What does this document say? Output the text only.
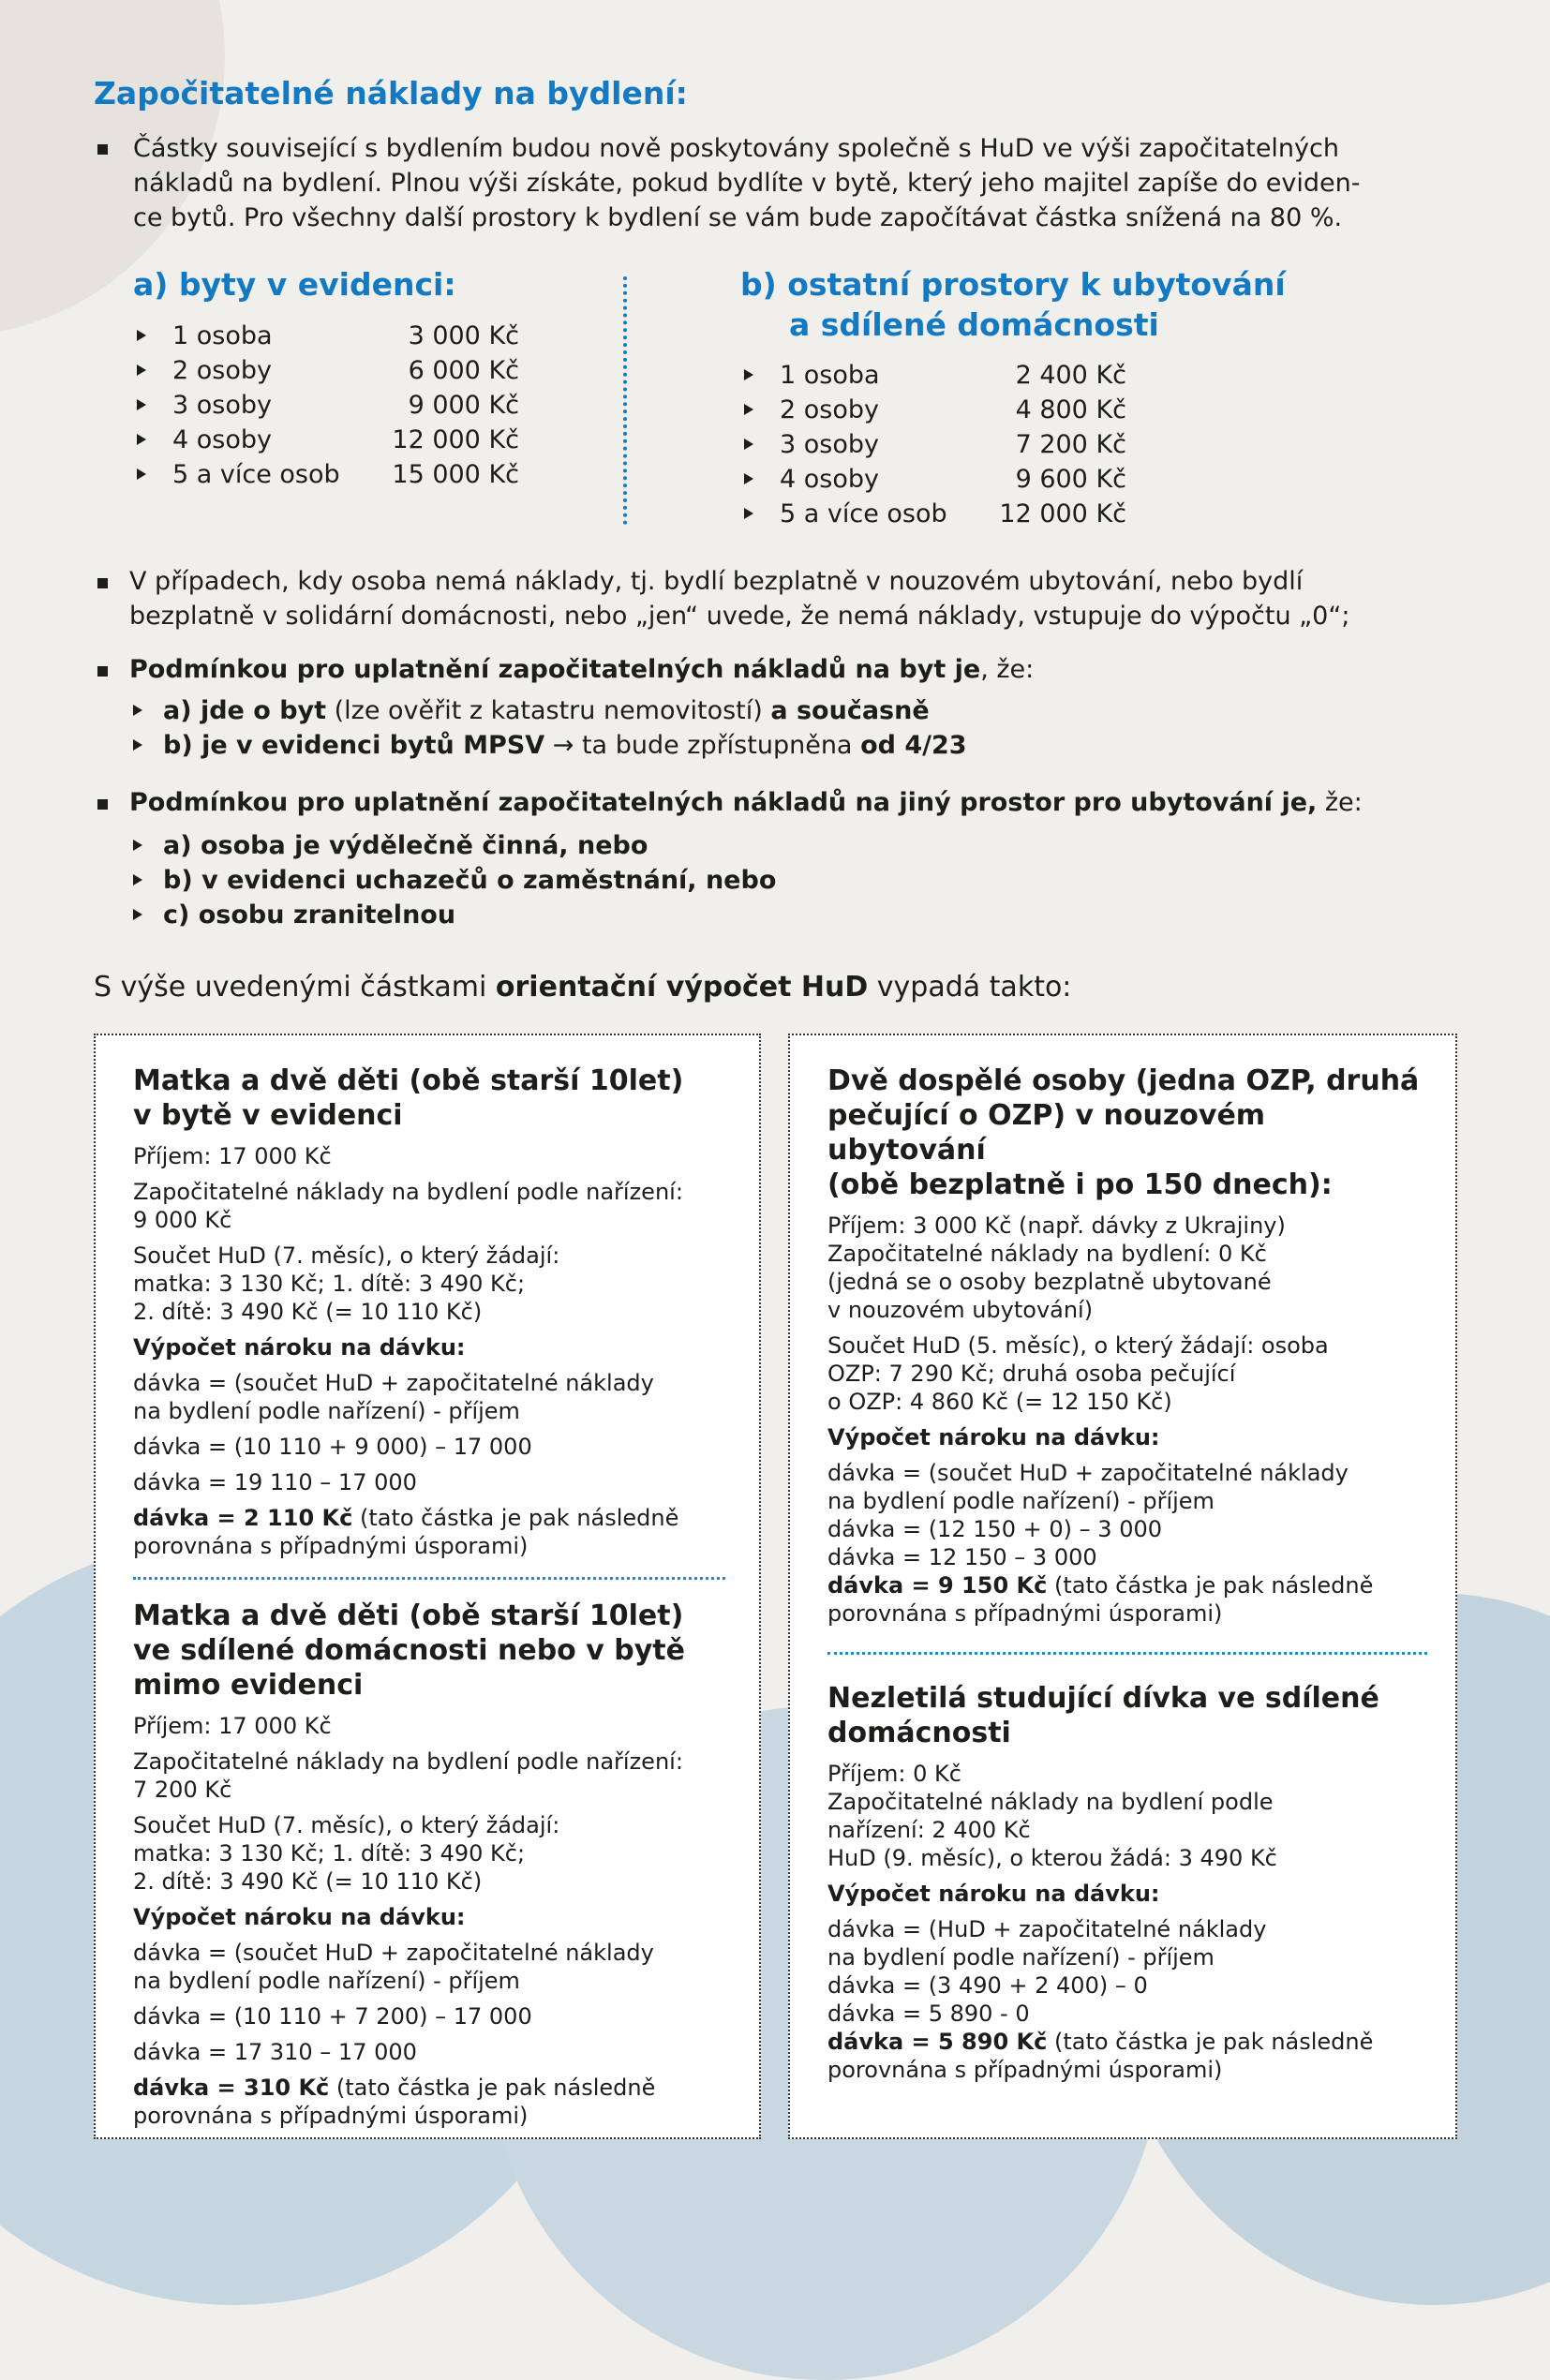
Započitatelné náklady na bydlení:
Částky související s bydlením budou nově poskytovány společně s HuD ve výši započitatelných
nákladů na bydlení. Plnou výši získáte, pokud bydlíte v bytě, který jeho majitel zapíše do eviden-
ce bytů. Pro všechny další prostory k bydlení se vám bude započítávat částka snížená na 80 %.
a) byty v evidenci:
1 osoba	3 000 Kč
2 osoby	6 000 Kč
3 osoby	9 000 Kč
4 osoby	12 000 Kč
5 a více osob 15 000 Kč
b) ostatní prostory k ubytování
a sdílené domácnosti
1 osoba	2 400 Kč
2 osoby	4 800 Kč
3 osoby	7 200 Kč
4 osoby	9 600 Kč
5 a více osob 12 000 Kč
V případech, kdy osoba nemá náklady, tj. bydlí bezplatně v nouzovém ubytování, nebo bydlí
bezplatně v solidární domácnosti, nebo „jen“ uvede, že nemá náklady, vstupuje do výpočtu „0“;
Podmínkou pro uplatnění započitatelných nákladů na byt je, že:
a) jde o byt (lze ověřit z katastru nemovitostí) a současně
b) je v evidenci bytů MPSV → ta bude zpřístupněna od 4/23
Podmínkou pro uplatnění započitatelných nákladů na jiný prostor pro ubytování je, že:
a) osoba je výdělečně činná, nebo
b) v evidenci uchazečů o zaměstnání, nebo
c) osobu zranitelnou
S výše uvedenými částkami orientační výpočet HuD vypadá takto:

Matka a dvě děti (obě starší 10let)

v bytě v evidenci

Příjem: 17 000 Kč

Započitatelné náklady na bydlení podle nařízení:

9 000 Kč

Součet HuD (7. měsíc), o který žádají:

matka: 3 130 Kč; 1. dítě: 3 490 Kč;

2. dítě: 3 490 Kč (= 10 110 Kč)

Výpočet nároku na dávku:

dávka = (součet HuD + započitatelné náklady

na bydlení podle nařízení) - příjem

dávka = (10 110 + 9 000) – 17 000

dávka = 19 110 – 17 000

dávka = 2 110 Kč (tato částka je pak následně

porovnána s případnými úsporami)

Matka a dvě děti (obě starší 10let)

ve sdílené domácnosti nebo v bytě

mimo evidenci

Příjem: 17 000 Kč

Započitatelné náklady na bydlení podle nařízení:

7 200 Kč

Součet HuD (7. měsíc), o který žádají:

matka: 3 130 Kč; 1. dítě: 3 490 Kč;

2. dítě: 3 490 Kč (= 10 110 Kč)

Výpočet nároku na dávku:

dávka = (součet HuD + započitatelné náklady

na bydlení podle nařízení) - příjem

dávka = (10 110 + 7 200) – 17 000

dávka = 17 310 – 17 000

dávka = 310 Kč (tato částka je pak následně

porovnána s případnými úsporami)

Dvě dospělé osoby (jedna OZP, druhá

pečující o OZP) v nouzovém ubytování

(obě bezplatně i po 150 dnech):

Příjem: 3 000 Kč (např. dávky z Ukrajiny)

Započitatelné náklady na bydlení: 0 Kč

(jedná se o osoby bezplatně ubytované

v nouzovém ubytování)

Součet HuD (5. měsíc), o který žádají: osoba

OZP: 7 290 Kč; druhá osoba pečující

o OZP: 4 860 Kč (= 12 150 Kč)

Výpočet nároku na dávku:

dávka = (součet HuD + započitatelné náklady

na bydlení podle nařízení) - příjem

dávka = (12 150 + 0) – 3 000

dávka = 12 150 – 3 000

dávka = 9 150 Kč (tato částka je pak následně

porovnána s případnými úsporami)

Nezletilá studující dívka ve sdílené

domácnosti

Příjem: 0 Kč

Započitatelné náklady na bydlení podle

nařízení: 2 400 Kč

HuD (9. měsíc), o kterou žádá: 3 490 Kč

Výpočet nároku na dávku:

dávka = (HuD + započitatelné náklady

na bydlení podle nařízení) - příjem

dávka = (3 490 + 2 400) – 0

dávka = 5 890 - 0

dávka = 5 890 Kč (tato částka je pak následně

porovnána s případnými úsporami)
